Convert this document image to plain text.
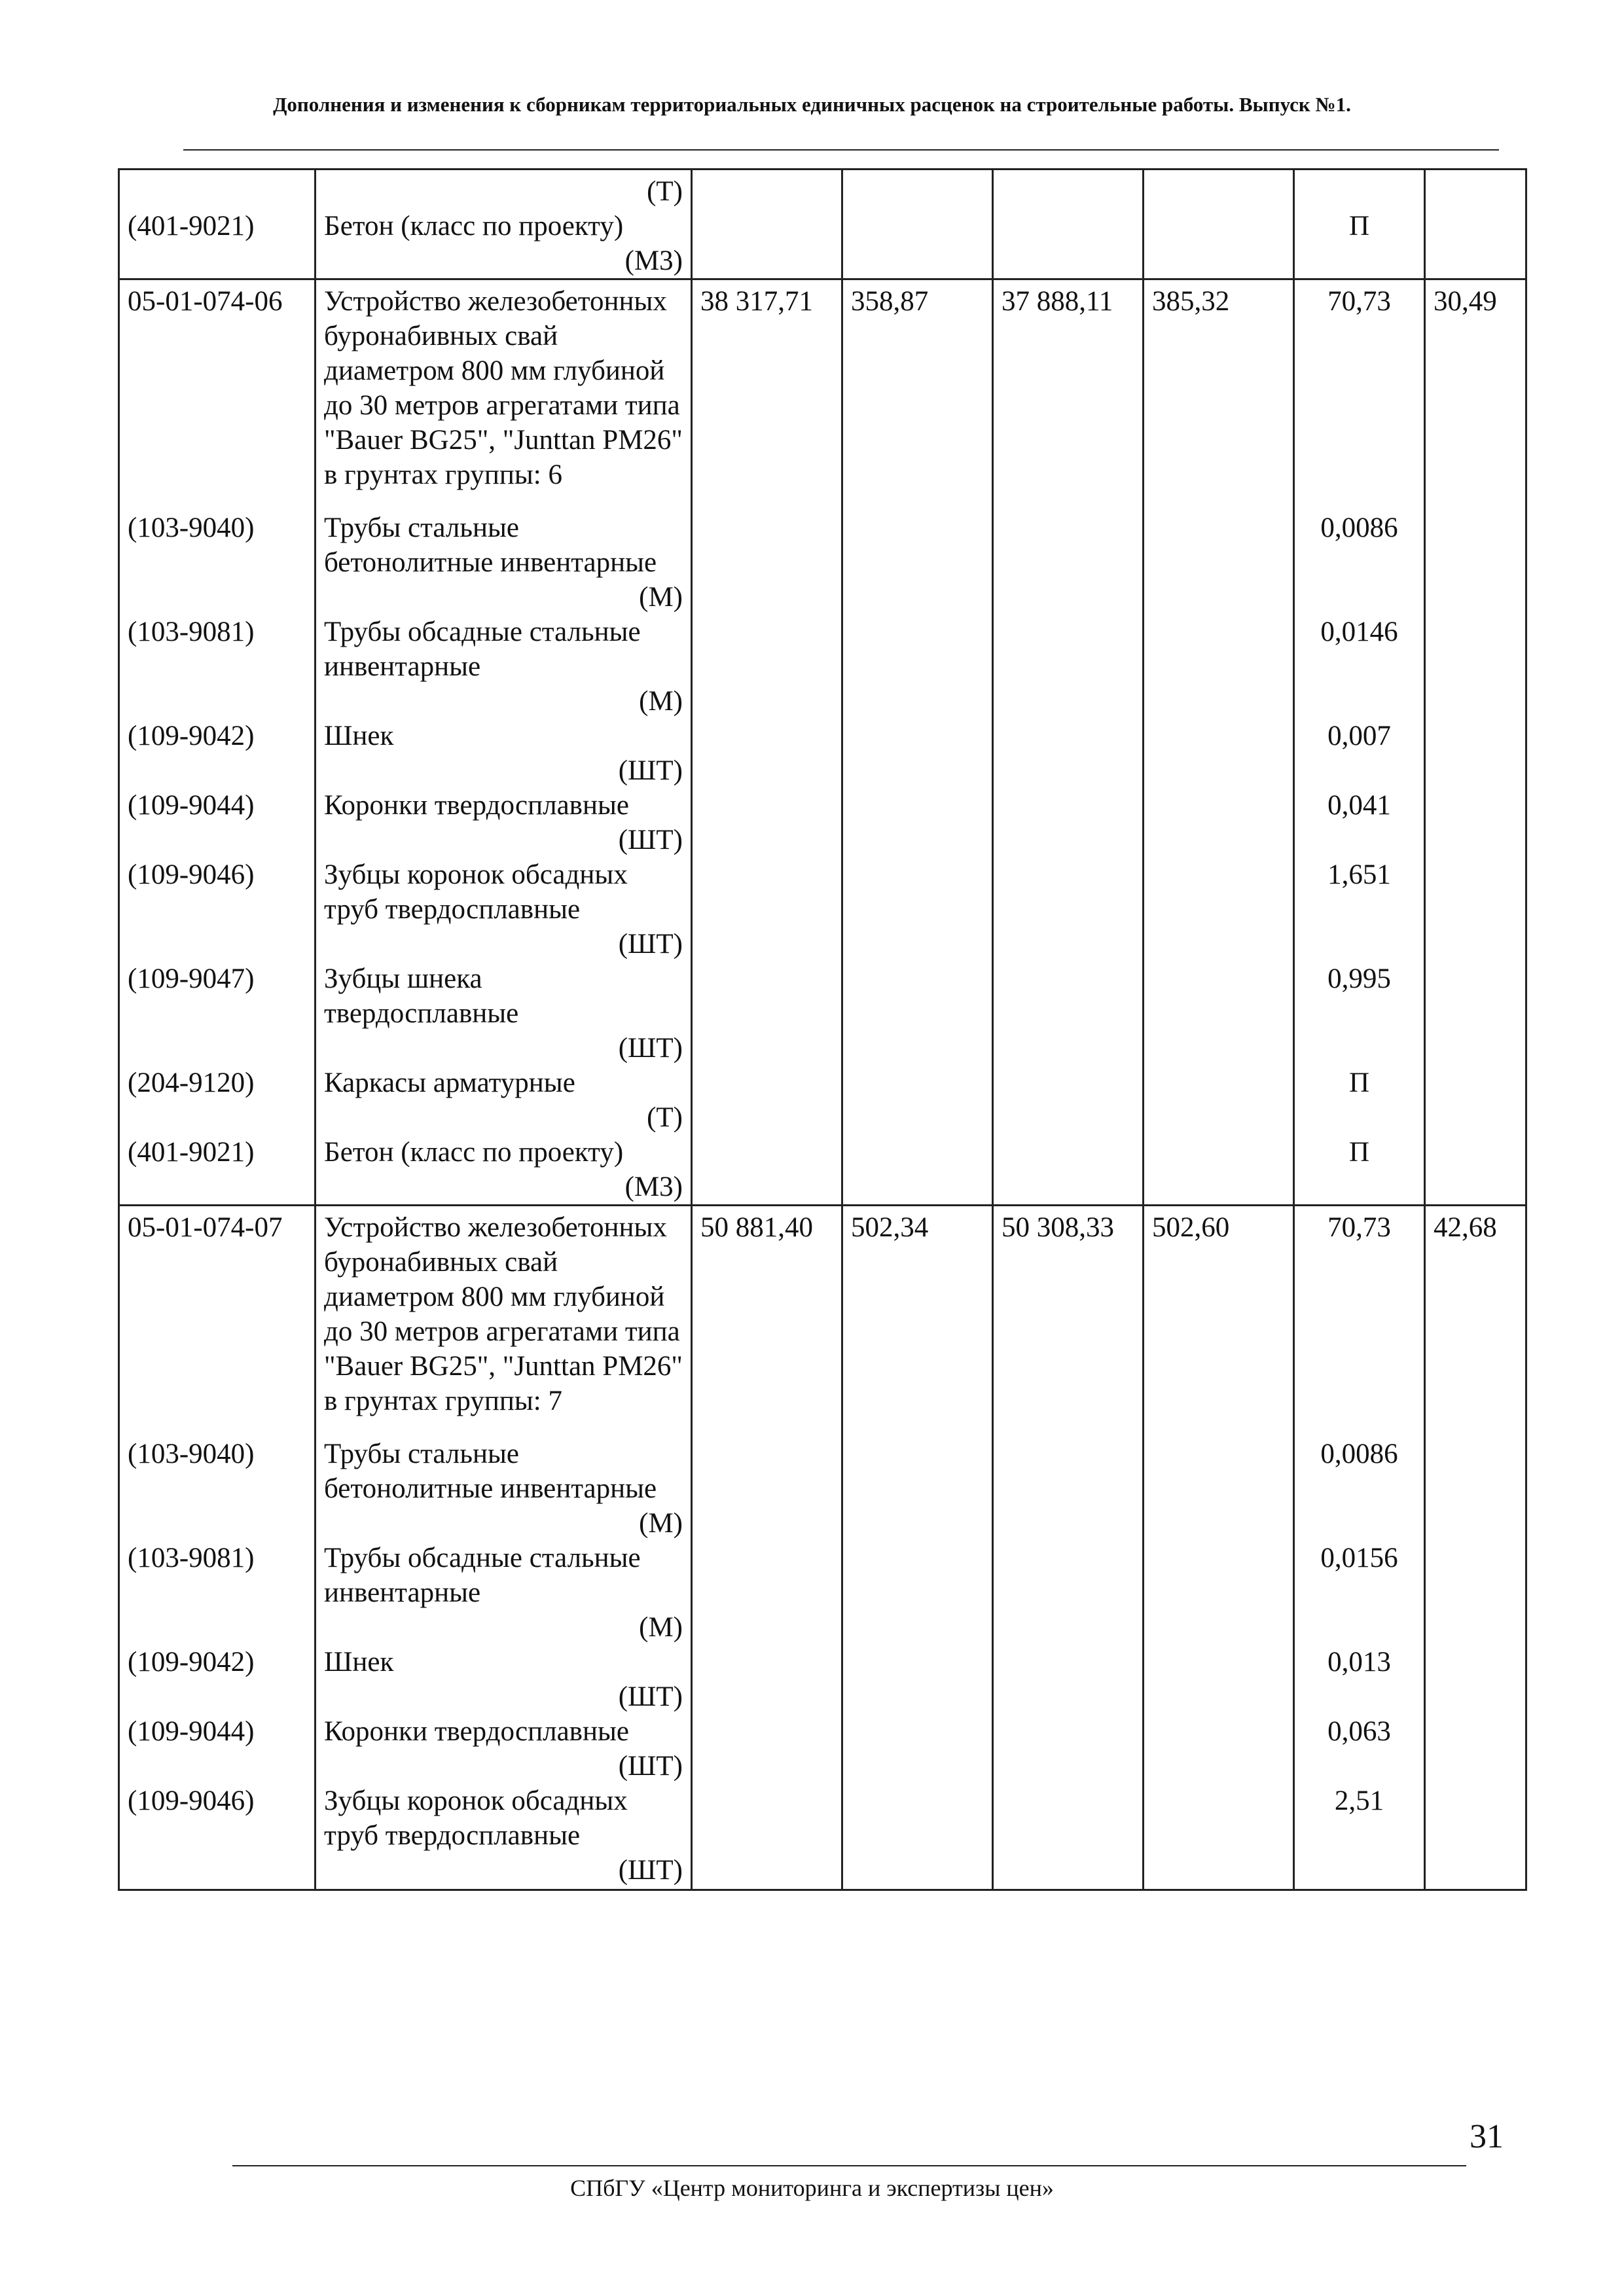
Дополнения и изменения к сборникам территориальных единичных расценок на строительные работы. Выпуск №1.
	(Т)						
(401-9021)	Бетон (класс по проекту)					П	
	(М3)						
05-01-074-06	Устройство железобетонных буронабивных свай диаметром 800 мм глубиной до 30 метров агрегатами типа "Bauer BG25", "Junttan PM26" в грунтах группы: 6	38 317,71	358,87	37 888,11	385,32	70,73	30,49
(103-9040)	Трубы стальные бетонолитные инвентарные					0,0086	
	(М)						
(103-9081)	Трубы обсадные стальные инвентарные					0,0146	
	(М)						
(109-9042)	Шнек					0,007	
	(ШТ)						
(109-9044)	Коронки твердосплавные					0,041	
	(ШТ)						
(109-9046)	Зубцы коронок обсадных труб твердосплавные					1,651	
	(ШТ)						
(109-9047)	Зубцы шнека твердосплавные					0,995	
	(ШТ)						
(204-9120)	Каркасы арматурные					П	
	(Т)						
(401-9021)	Бетон (класс по проекту)					П	
	(М3)						
05-01-074-07	Устройство железобетонных буронабивных свай диаметром 800 мм глубиной до 30 метров агрегатами типа "Bauer BG25", "Junttan PM26" в грунтах группы: 7	50 881,40	502,34	50 308,33	502,60	70,73	42,68
(103-9040)	Трубы стальные бетонолитные инвентарные					0,0086	
	(М)						
(103-9081)	Трубы обсадные стальные инвентарные					0,0156	
	(М)						
(109-9042)	Шнек					0,013	
	(ШТ)						
(109-9044)	Коронки твердосплавные					0,063	
	(ШТ)						
(109-9046)	Зубцы коронок обсадных труб твердосплавные					2,51	
	(ШТ)						
31
СПбГУ «Центр мониторинга и экспертизы цен»
